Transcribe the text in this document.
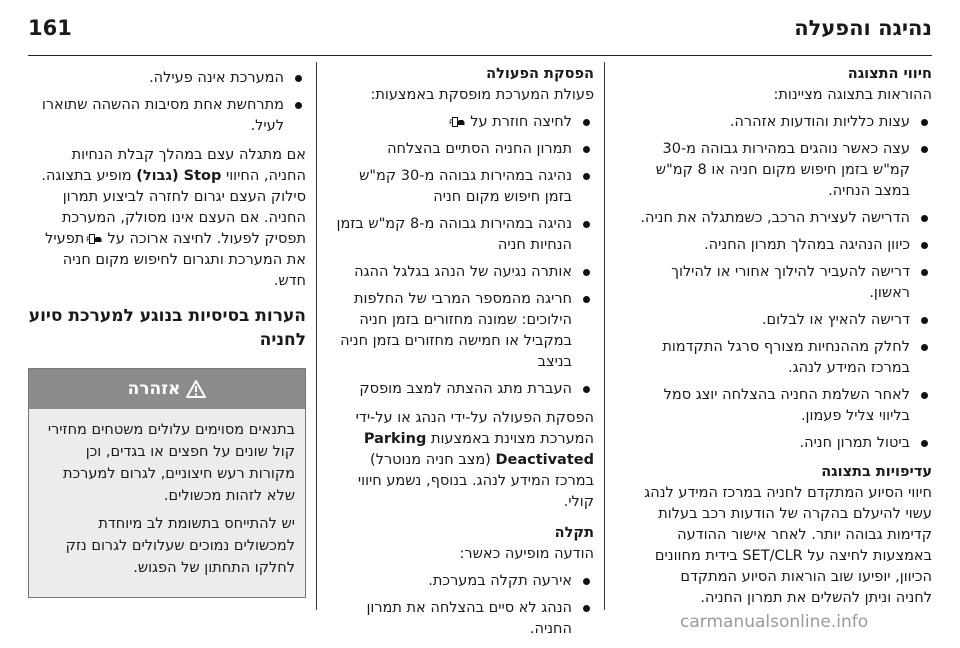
נהיגה והפעלה
161

חיווי התצוגה

ההוראות בתצוגה מציינות:

עצות כלליות והודעות אזהרה.
עצה כאשר נוהגים במהירות גבוהה מ-30 קמ"ש בזמן חיפוש מקום חניה או 8 קמ"ש במצב הנחיה.
הדרישה לעצירת הרכב, כשמתגלה את חניה.
כיוון הנהיגה במהלך תמרון החניה.
דרישה להעביר להילוך אחורי או להילוך ראשון.
דרישה להאיץ או לבלום.
לחלק מההנחיות מצורף סרגל התקדמות במרכז המידע לנהג.
לאחר השלמת החניה בהצלחה יוצג סמל בליווי צליל פעמון.
ביטול תמרון חניה.

עדיפויות בתצוגה

חיווי הסיוע המתקדם לחניה במרכז המידע לנהג עשוי להיעלם בהקרה של הודעות רכב בעלות קדימות גבוהה יותר. לאחר אישור ההודעה באמצעות לחיצה על SET/CLR בידית מחוונים הכיוון, יופיעו שוב הוראות הסיוע המתקדם לחניה וניתן להשלים את תמרון החניה.

הפסקת הפעולה

פעולת המערכת מופסקת באמצעות:

לחיצה חוזרת על
P
תמרון החניה הסתיים בהצלחה
נהיגה במהירות גבוהה מ-30 קמ"ש בזמן חיפוש מקום חניה
נהיגה במהירות גבוהה מ-8 קמ"ש בזמן הנחיות חניה
אותרה נגיעה של הנהג בגלגל ההגה
חריגה מהמספר המרבי של החלפות הילוכים: שמונה מחזורים בזמן חניה במקביל או חמישה מחזורים בזמן חניה בניצב
העברת מתג ההצתה למצב מופסק

הפסקת הפעולה על-ידי הנהג או על-ידי המערכת מצוינת באמצעות Parking Deactivated (מצב חניה מנוטרל) במרכז המידע לנהג. בנוסף, נשמע חיווי קולי.

תקלה

הודעה מופיעה כאשר:

אירעה תקלה במערכת.
הנהג לא סיים בהצלחה את תמרון החניה.
המערכת אינה פעילה.
מתרחשת אחת מסיבות ההשהה שתוארו לעיל.

אם מתגלה עצם במהלך קבלת הנחיות החניה, החיווי Stop (גבול) מופיע בתצוגה. סילוק העצם יגרום לחזרה לביצוע תמרון החניה. אם העצם אינו מסולק, המערכת תפסיק לפעול. לחיצה ארוכה על
P
תפעיל את המערכת ותגרום לחיפוש מקום חניה חדש.

הערות בסיסיות בנוגע למערכת סיוע לחניה
אזהרה

בתנאים מסוימים עלולים משטחים מחזירי קול שונים על חפצים או בגדים, וכן מקורות רעש חיצוניים, לגרום למערכת שלא לזהות מכשולים.

יש להתייחס בתשומת לב מיוחדת למכשולים נמוכים שעלולים לגרום נזק לחלקו התחתון של הפגוש.

carmanualsonline.info
